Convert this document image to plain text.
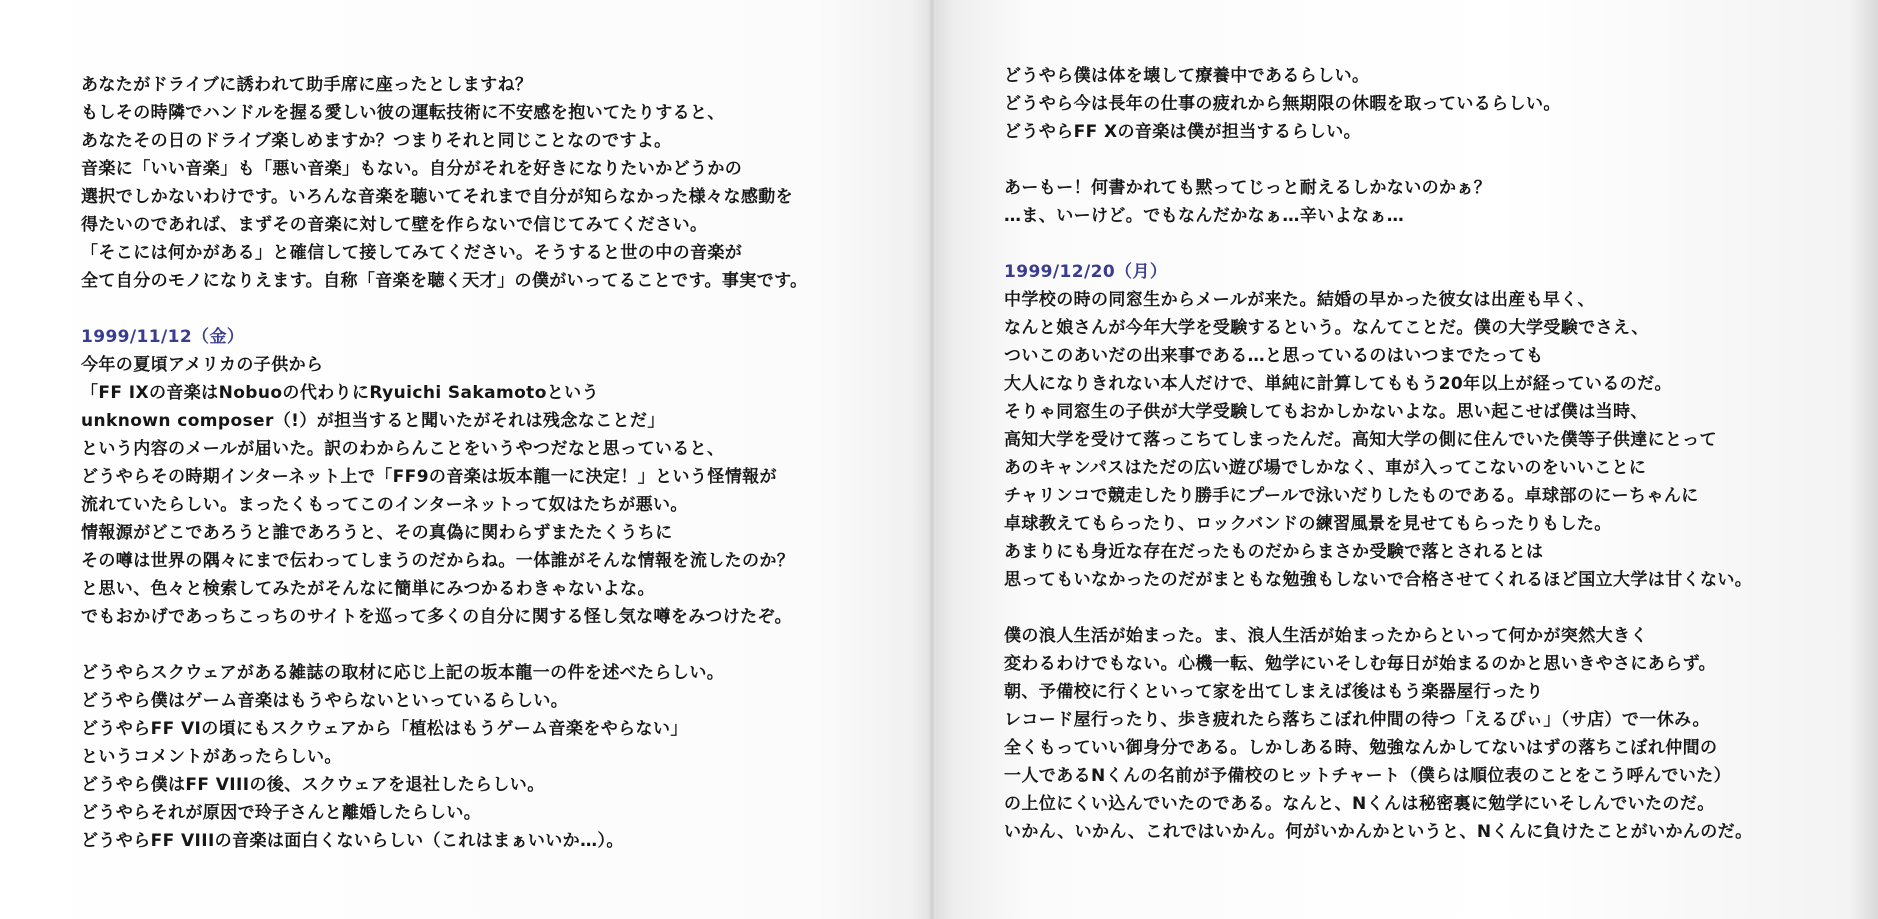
あなたがドライブに誘われて助手席に座ったとしますね？
もしその時隣でハンドルを握る愛しい彼の運転技術に不安感を抱いてたりすると、
あなたその日のドライブ楽しめますか？つまりそれと同じことなのですよ。
音楽に「いい音楽」も「悪い音楽」もない。自分がそれを好きになりたいかどうかの
選択でしかないわけです。いろんな音楽を聴いてそれまで自分が知らなかった様々な感動を
得たいのであれば、まずその音楽に対して壁を作らないで信じてみてください。
「そこには何かがある」と確信して接してみてください。そうすると世の中の音楽が
全て自分のモノになりえます。自称「音楽を聴く天才」の僕がいってることです。事実です。
1999/11/12（金）
今年の夏頃アメリカの子供から
「FF IXの音楽はNobuoの代わりにRyuichi Sakamotoという
unknown composer（!）が担当すると聞いたがそれは残念なことだ」
という内容のメールが届いた。訳のわからんことをいうやつだなと思っていると、
どうやらその時期インターネット上で「FF9の音楽は坂本龍一に決定！」という怪情報が
流れていたらしい。まったくもってこのインターネットって奴はたちが悪い。
情報源がどこであろうと誰であろうと、その真偽に関わらずまたたくうちに
その噂は世界の隅々にまで伝わってしまうのだからね。一体誰がそんな情報を流したのか？
と思い、色々と検索してみたがそんなに簡単にみつかるわきゃないよな。
でもおかげであっちこっちのサイトを巡って多くの自分に関する怪し気な噂をみつけたぞ。
どうやらスクウェアがある雑誌の取材に応じ上記の坂本龍一の件を述べたらしい。
どうやら僕はゲーム音楽はもうやらないといっているらしい。
どうやらFF VIの頃にもスクウェアから「植松はもうゲーム音楽をやらない」
というコメントがあったらしい。
どうやら僕はFF VIIIの後、スクウェアを退社したらしい。
どうやらそれが原因で玲子さんと離婚したらしい。
どうやらFF VIIIの音楽は面白くないらしい（これはまぁいいか…）。
どうやら僕は体を壊して療養中であるらしい。
どうやら今は長年の仕事の疲れから無期限の休暇を取っているらしい。
どうやらFF Xの音楽は僕が担当するらしい。
あーもー！何書かれても黙ってじっと耐えるしかないのかぁ？
…ま、いーけど。でもなんだかなぁ…辛いよなぁ…
1999/12/20（月）
中学校の時の同窓生からメールが来た。結婚の早かった彼女は出産も早く、
なんと娘さんが今年大学を受験するという。なんてことだ。僕の大学受験でさえ、
ついこのあいだの出来事である…と思っているのはいつまでたっても
大人になりきれない本人だけで、単純に計算してももう20年以上が経っているのだ。
そりゃ同窓生の子供が大学受験してもおかしかないよな。思い起こせば僕は当時、
高知大学を受けて落っこちてしまったんだ。高知大学の側に住んでいた僕等子供達にとって
あのキャンパスはただの広い遊び場でしかなく、車が入ってこないのをいいことに
チャリンコで競走したり勝手にプールで泳いだりしたものである。卓球部のにーちゃんに
卓球教えてもらったり、ロックバンドの練習風景を見せてもらったりもした。
あまりにも身近な存在だったものだからまさか受験で落とされるとは
思ってもいなかったのだがまともな勉強もしないで合格させてくれるほど国立大学は甘くない。
僕の浪人生活が始まった。ま、浪人生活が始まったからといって何かが突然大きく
変わるわけでもない。心機一転、勉学にいそしむ毎日が始まるのかと思いきやさにあらず。
朝、予備校に行くといって家を出てしまえば後はもう楽器屋行ったり
レコード屋行ったり、歩き疲れたら落ちこぼれ仲間の待つ「えるぴぃ」（サ店）で一休み。
全くもっていい御身分である。しかしある時、勉強なんかしてないはずの落ちこぼれ仲間の
一人であるNくんの名前が予備校のヒットチャート（僕らは順位表のことをこう呼んでいた）
の上位にくい込んでいたのである。なんと、Nくんは秘密裏に勉学にいそしんでいたのだ。
いかん、いかん、これではいかん。何がいかんかというと、Nくんに負けたことがいかんのだ。
